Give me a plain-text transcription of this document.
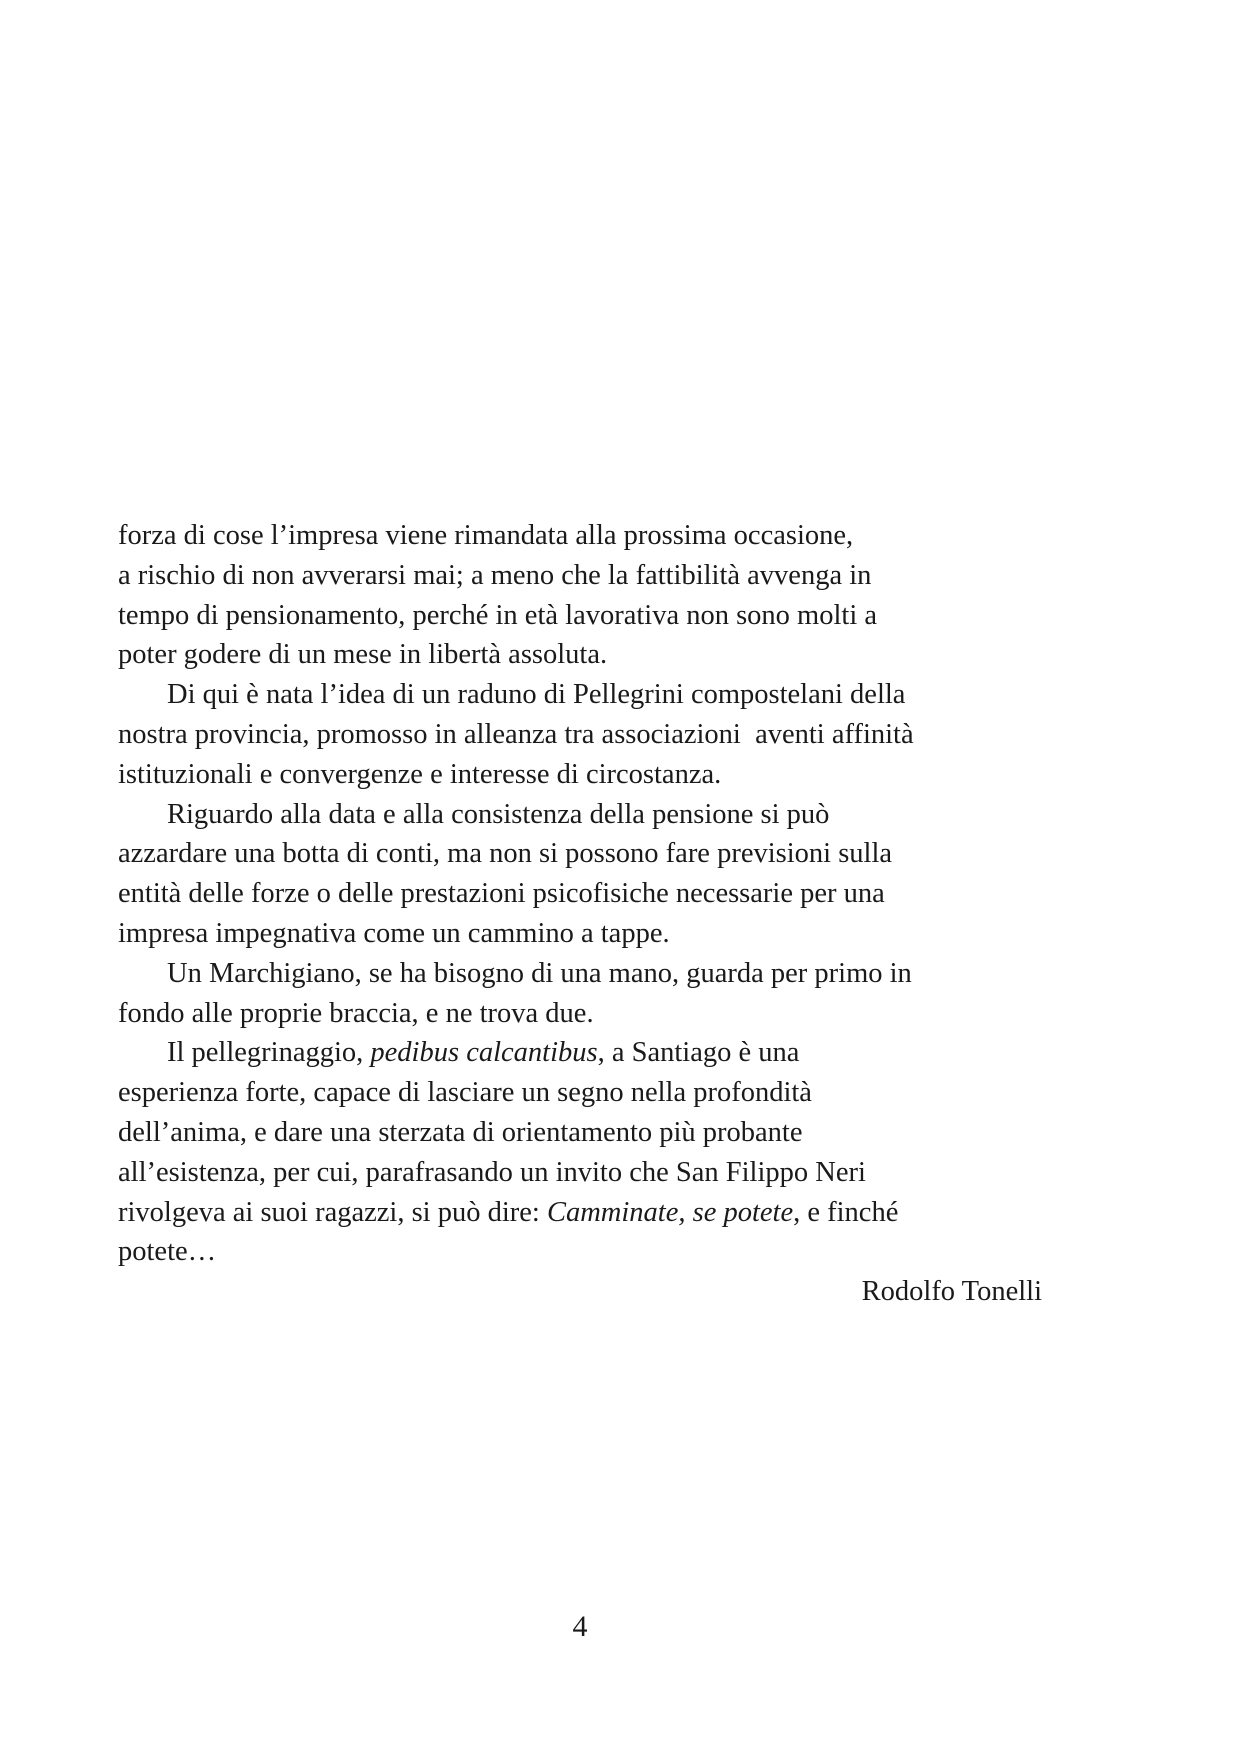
forza di cose l’impresa viene rimandata alla prossima occasione,
a rischio di non avverarsi mai; a meno che la fattibilità avvenga in
tempo di pensionamento, perché in età lavorativa non sono molti a
poter godere di un mese in libertà assoluta.
Di qui è nata l’idea di un raduno di Pellegrini compostelani della
nostra provincia, promosso in alleanza tra associazioni  aventi affinità
istituzionali e convergenze e interesse di circostanza.
Riguardo alla data e alla consistenza della pensione si può
azzardare una botta di conti, ma non si possono fare previsioni sulla
entità delle forze o delle prestazioni psicofisiche necessarie per una
impresa impegnativa come un cammino a tappe.
Un Marchigiano, se ha bisogno di una mano, guarda per primo in
fondo alle proprie braccia, e ne trova due.
Il pellegrinaggio, pedibus calcantibus, a Santiago è una
esperienza forte, capace di lasciare un segno nella profondità
dell’anima, e dare una sterzata di orientamento più probante
all’esistenza, per cui, parafrasando un invito che San Filippo Neri
rivolgeva ai suoi ragazzi, si può dire: Camminate, se potete, e finché
potete…
Rodolfo Tonelli
4
